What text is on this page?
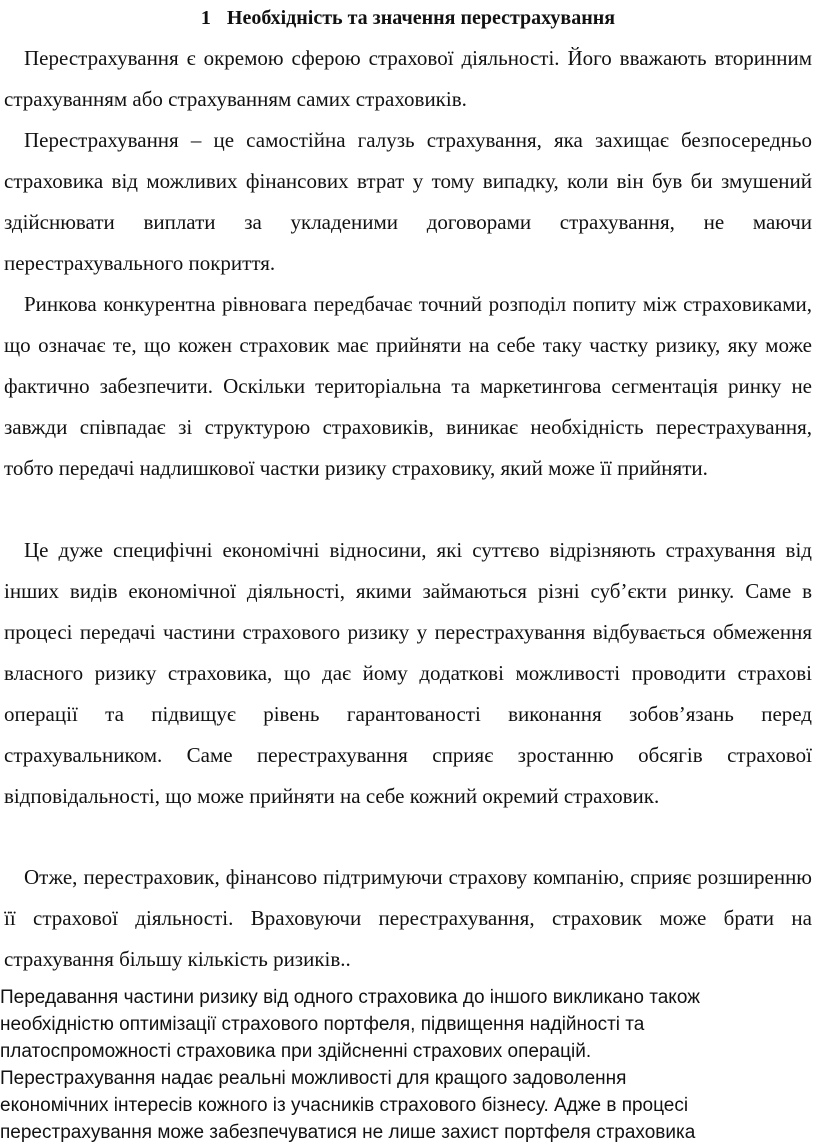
1 Необхідність та значення перестрахування

Перестрахування є окремою сферою страхової діяльності. Його вважають вторинним страхуванням або страхуванням самих страховиків.

Перестрахування – це самостійна галузь страхування, яка захищає безпосередньо страховика від можливих фінансових втрат у тому випадку, коли він був би змушений здійснювати виплати за укладеними договорами страхування, не маючи перестрахувального покриття.

Ринкова конкурентна рівновага передбачає точний розподіл попиту між страховиками, що означає те, що кожен страховик має прийняти на себе таку частку ризику, яку може фактично забезпечити. Оскільки територіальна та маркетингова сегментація ринку не завжди співпадає зі структурою страховиків, виникає необхідність перестрахування, тобто передачі надлишкової частки ризику страховику, який може її прийняти.

Це дуже специфічні економічні відносини, які суттєво відрізняють страхування від інших видів економічної діяльності, якими займаються різні суб’єкти ринку. Саме в процесі передачі частини страхового ризику у перестрахування відбувається обмеження власного ризику страховика, що дає йому додаткові можливості проводити страхові операції та підвищує рівень гарантованості виконання зобов’язань перед страхувальником. Саме перестрахування сприяє зростанню обсягів страхової відповідальності, що може прийняти на себе кожний окремий страховик.

Отже, перестраховик, фінансово підтримуючи страхову компанію, сприяє розширенню її страхової діяльності. Враховуючи перестрахування, страховик може брати на страхування більшу кількість ризиків..

Передавання частини ризику від одного страховика до іншого викликано також
необхідністю оптимізації страхового портфеля, підвищення надійності та
платоспроможності страховика при здійсненні страхових операцій.
Перестрахування надає реальні можливості для кращого задоволення
економічних інтересів кожного із учасників страхового бізнесу. Адже в процесі
перестрахування може забезпечуватися не лише захист портфеля страховика
